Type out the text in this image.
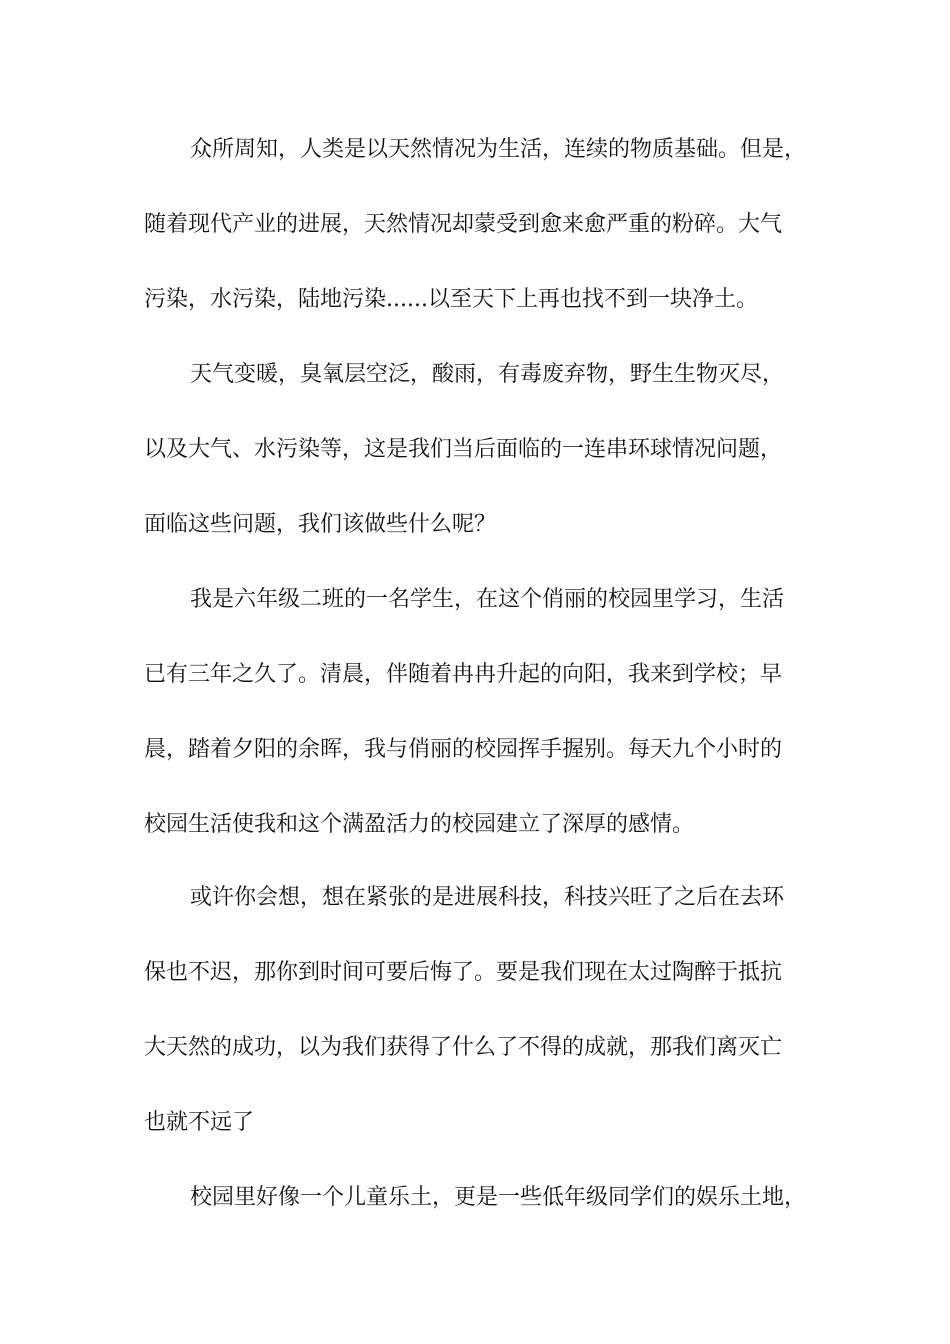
众所周知，人类是以天然情况为生活，连续的物质基础。但是，
随着现代产业的进展，天然情况却蒙受到愈来愈严重的粉碎。大气
污染，水污染，陆地污染......以至天下上再也找不到一块净土。
天气变暖，臭氧层空泛，酸雨，有毒废弃物，野生生物灭尽，
以及大气、水污染等，这是我们当后面临的一连串环球情况问题，
面临这些问题，我们该做些什么呢？
我是六年级二班的一名学生，在这个俏丽的校园里学习，生活
已有三年之久了。清晨，伴随着冉冉升起的向阳，我来到学校；早
晨，踏着夕阳的余晖，我与俏丽的校园挥手握别。每天九个小时的
校园生活使我和这个满盈活力的校园建立了深厚的感情。
或许你会想，想在紧张的是进展科技，科技兴旺了之后在去环
保也不迟，那你到时间可要后悔了。要是我们现在太过陶醉于抵抗
大天然的成功，以为我们获得了什么了不得的成就，那我们离灭亡
也就不远了
校园里好像一个儿童乐土，更是一些低年级同学们的娱乐土地，
